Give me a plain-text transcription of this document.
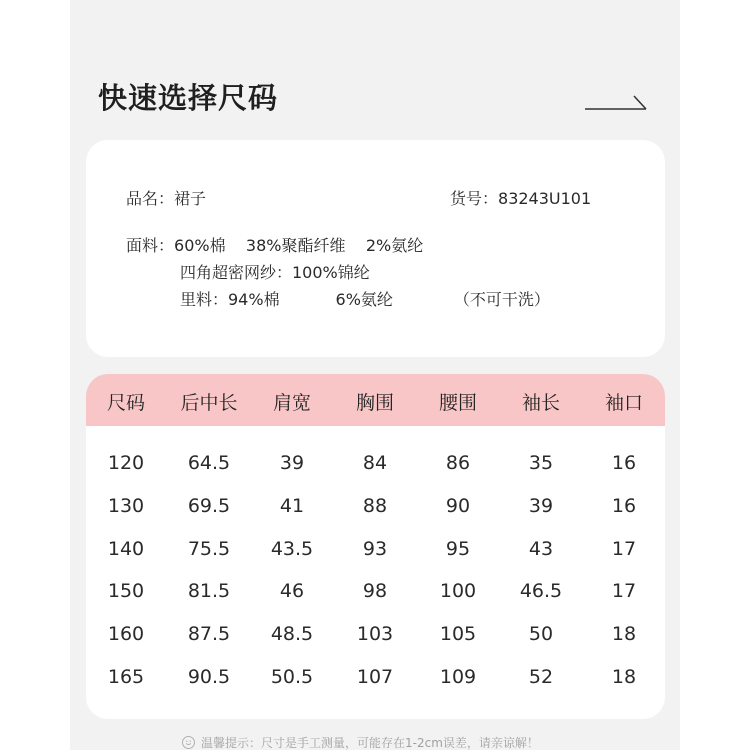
快速选择尺码
品名：裙子	货号：83243U101
面料：60%棉    38%聚酯纤维    2%氨纶
四角超密网纱：100%锦纶
里料：94%棉           6%氨纶            （不可干洗）
尺码	后中长	肩宽	胸围	腰围	袖长	袖口
120	64.5	39	84	86	35	16
130	69.5	41	88	90	39	16
140	75.5	43.5	93	95	43	17
150	81.5	46	98	100	46.5	17
160	87.5	48.5	103	105	50	18
165	90.5	50.5	107	109	52	18
温馨提示：尺寸是手工测量，可能存在1-2cm误差，请亲谅解！
